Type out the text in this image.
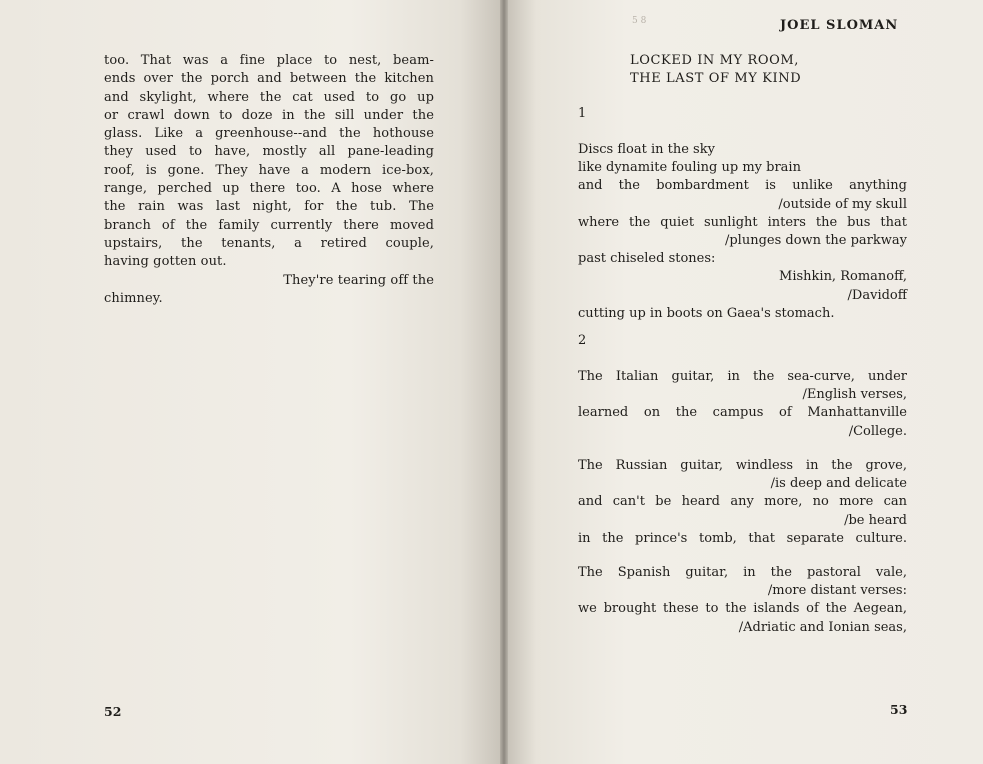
too. That was a fine place to nest, beam-
ends over the porch and between the kitchen
and skylight, where the cat used to go up
or crawl down to doze in the sill under the
glass. Like a greenhouse--and the hothouse
they used to have, mostly all pane-leading
roof, is gone. They have a modern ice-box,
range, perched up there too. A hose where
the rain was last night, for the tub. The
branch of the family currently there moved
upstairs, the tenants, a retired couple,
having gotten out.
They're tearing off the
chimney.
52
5 8	JOEL SLOMAN
LOCKED IN MY ROOM,
THE LAST OF MY KIND
1
Discs float in the sky
like dynamite fouling up my brain
and the bombardment is unlike anything
/outside of my skull
where the quiet sunlight inters the bus that
/plunges down the parkway
past chiseled stones:
Mishkin, Romanoff,
/Davidoff
cutting up in boots on Gaea's stomach.
2
The Italian guitar, in the sea-curve, under
/English verses,
learned on the campus of Manhattanville
/College.
The Russian guitar, windless in the grove,
/is deep and delicate
and can't be heard any more, no more can
/be heard
in the prince's tomb, that separate culture.
The Spanish guitar, in the pastoral vale,
/more distant verses:
we brought these to the islands of the Aegean,
/Adriatic and Ionian seas,
53
